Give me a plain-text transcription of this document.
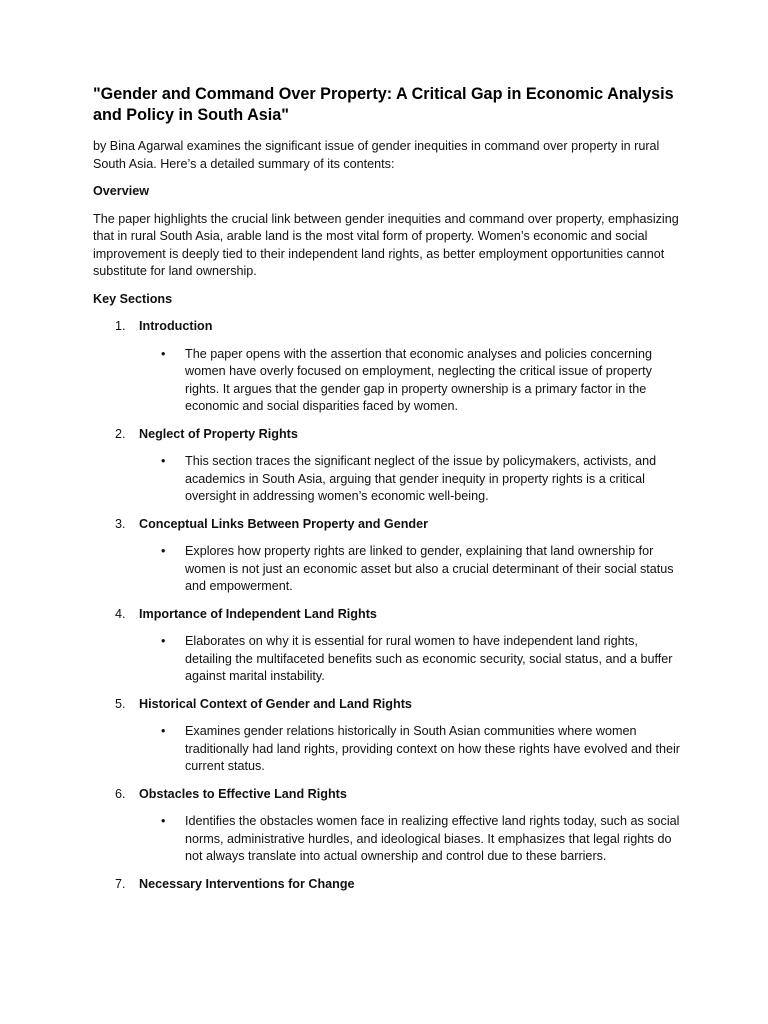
"Gender and Command Over Property: A Critical Gap in Economic Analysis and Policy in South Asia"

by Bina Agarwal examines the significant issue of gender inequities in command over property in rural South Asia. Here’s a detailed summary of its contents:

Overview

The paper highlights the crucial link between gender inequities and command over property, emphasizing that in rural South Asia, arable land is the most vital form of property. Women’s economic and social improvement is deeply tied to their independent land rights, as better employment opportunities cannot substitute for land ownership.

Key Sections
1. Introduction
• The paper opens with the assertion that economic analyses and policies concerning women have overly focused on employment, neglecting the critical issue of property rights. It argues that the gender gap in property ownership is a primary factor in the economic and social disparities faced by women.
2. Neglect of Property Rights
• This section traces the significant neglect of the issue by policymakers, activists, and academics in South Asia, arguing that gender inequity in property rights is a critical oversight in addressing women’s economic well-being.
3. Conceptual Links Between Property and Gender
• Explores how property rights are linked to gender, explaining that land ownership for women is not just an economic asset but also a crucial determinant of their social status and empowerment.
4. Importance of Independent Land Rights
• Elaborates on why it is essential for rural women to have independent land rights, detailing the multifaceted benefits such as economic security, social status, and a buffer against marital instability.
5. Historical Context of Gender and Land Rights
• Examines gender relations historically in South Asian communities where women traditionally had land rights, providing context on how these rights have evolved and their current status.
6. Obstacles to Effective Land Rights
• Identifies the obstacles women face in realizing effective land rights today, such as social norms, administrative hurdles, and ideological biases. It emphasizes that legal rights do not always translate into actual ownership and control due to these barriers.
7. Necessary Interventions for Change
